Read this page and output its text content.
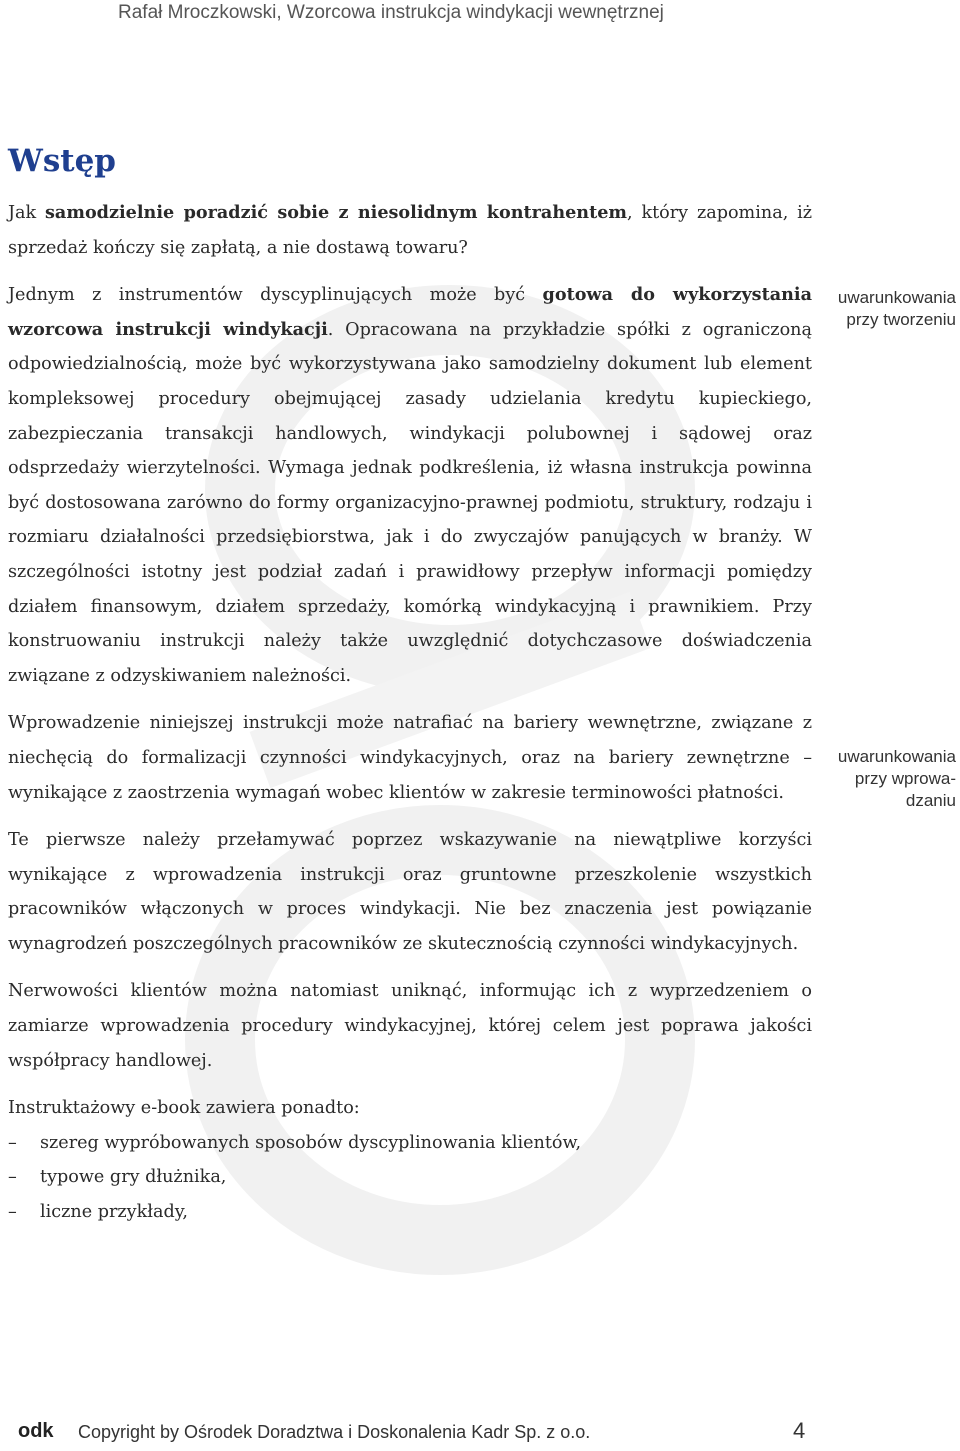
Rafał Mroczkowski, Wzorcowa instrukcja windykacji wewnętrznej
Wstęp

Jak samodzielnie poradzić sobie z niesolidnym kontrahentem, który zapomina, iż sprzedaż kończy się zapłatą, a nie dostawą towaru?

Jednym z instrumentów dyscyplinujących może być gotowa do wykorzystania wzorcowa instrukcji windykacji. Opracowana na przykładzie spółki z ograniczoną odpowiedzialnością, może być wykorzystywana jako samodzielny dokument lub element kompleksowej procedury obejmującej zasady udzielania kredytu kupieckiego, zabezpieczania transakcji handlowych, windykacji polubownej i sądowej oraz odsprzedaży wierzytelności. Wymaga jednak podkreślenia, iż własna instrukcja powinna być dostosowana zarówno do formy organizacyjno-prawnej podmiotu, struktury, rodzaju i rozmiaru działalności przedsiębiorstwa, jak i do zwyczajów panujących w branży. W szczególności istotny jest podział zadań i prawidłowy przepływ informacji pomiędzy działem finansowym, działem sprzedaży, komórką windykacyjną i prawnikiem. Przy konstruowaniu instrukcji należy także uwzględnić dotychczasowe doświadczenia związane z odzyskiwaniem należności.

Wprowadzenie niniejszej instrukcji może natrafiać na bariery wewnętrzne, związane z niechęcią do formalizacji czynności windykacyjnych, oraz na bariery zewnętrzne – wynikające z zaostrzenia wymagań wobec klientów w zakresie terminowości płatności.

Te pierwsze należy przełamywać poprzez wskazywanie na niewątpliwe korzyści wynikające z wprowadzenia instrukcji oraz gruntowne przeszkolenie wszystkich pracowników włączonych w proces windykacji. Nie bez znaczenia jest powiązanie wynagrodzeń poszczególnych pracowników ze skutecznością czynności windykacyjnych.

Nerwowości klientów można natomiast uniknąć, informując ich z wyprzedzeniem o zamiarze wprowadzenia procedury windykacyjnej, której celem jest poprawa jakości współpracy handlowej.

Instruktażowy e-book zawiera ponadto:

– szereg wypróbowanych sposobów dyscyplinowania klientów,
– typowe gry dłużnika,
– liczne przykłady,
uwarunkowania
przy tworzeniu
uwarunkowania
przy wprowa-
dzaniu
odk Copyright by Ośrodek Doradztwa i Doskonalenia Kadr Sp. z o.o.	4
